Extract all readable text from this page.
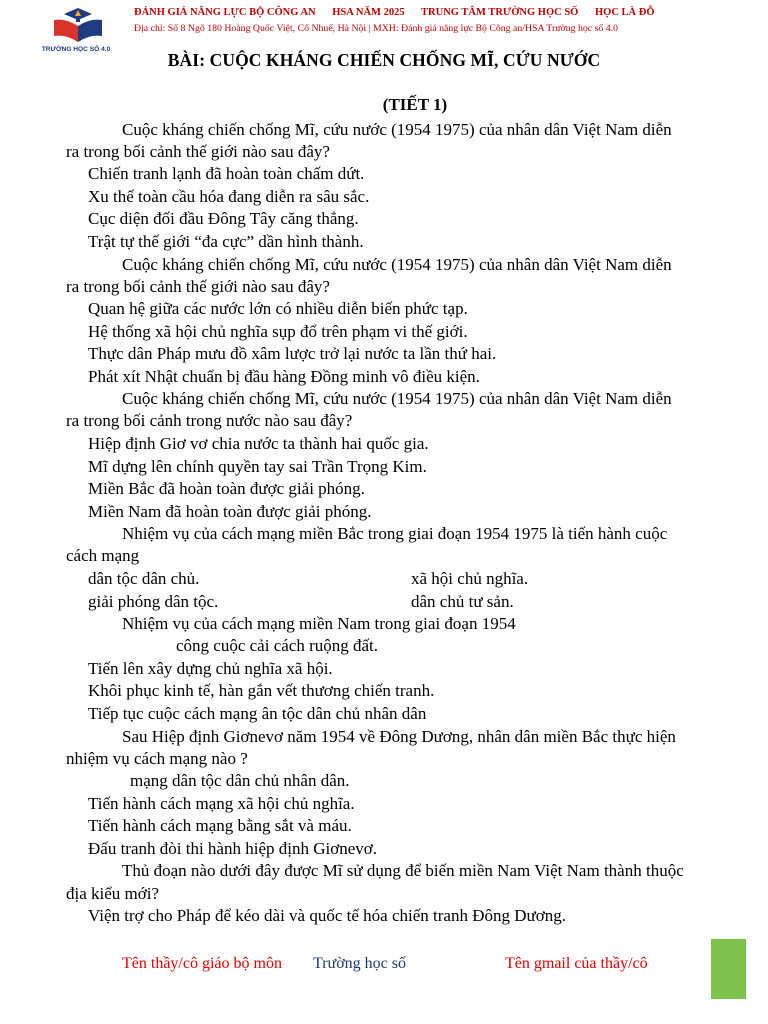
TRƯỜNG HỌC SỐ 4.0
ĐÁNH GIÁ NĂNG LỰC BỘ CÔNG AN HSA NĂM 2025 TRUNG TÂM TRƯỜNG HỌC SỐ HỌC LÀ ĐỖ
Địa chỉ: Số 8 Ngõ 180 Hoàng Quốc Việt, Cổ Nhuế, Hà Nội | MXH: Đánh giá năng lực Bộ Công an/HSA Trường học số 4.0
BÀI: CUỘC KHÁNG CHIẾN CHỐNG MĨ, CỨU NƯỚC
(TIẾT 1)
Cuộc kháng chiến chống Mĩ, cứu nước (1954 1975) của nhân dân Việt Nam diễn
ra trong bối cảnh thế giới nào sau đây?
Chiến tranh lạnh đã hoàn toàn chấm dứt.
Xu thế toàn cầu hóa đang diễn ra sâu sắc.
Cục diện đối đầu Đông Tây căng thẳng.
Trật tự thế giới “đa cực” dần hình thành.
Cuộc kháng chiến chống Mĩ, cứu nước (1954 1975) của nhân dân Việt Nam diễn
ra trong bối cảnh thế giới nào sau đây?
Quan hệ giữa các nước lớn có nhiều diễn biến phức tạp.
Hệ thống xã hội chủ nghĩa sụp đổ trên phạm vi thế giới.
Thực dân Pháp mưu đồ xâm lược trở lại nước ta lần thứ hai.
Phát xít Nhật chuẩn bị đầu hàng Đồng minh vô điều kiện.
Cuộc kháng chiến chống Mĩ, cứu nước (1954 1975) của nhân dân Việt Nam diễn
ra trong bối cảnh trong nước nào sau đây?
Hiệp định Giơ vơ chia nước ta thành hai quốc gia.
Mĩ dựng lên chính quyền tay sai Trần Trọng Kim.
Miền Bắc đã hoàn toàn được giải phóng.
Miền Nam đã hoàn toàn được giải phóng.
Nhiệm vụ của cách mạng miền Bắc trong giai đoạn 1954 1975 là tiến hành cuộc
cách mạng
dân tộc dân chủ.	xã hội chủ nghĩa.
giải phóng dân tộc.	dân chủ tư sản.
Nhiệm vụ của cách mạng miền Nam trong giai đoạn 1954
công cuộc cải cách ruộng đất.
Tiến lên xây dựng chủ nghĩa xã hội.
Khôi phục kinh tế, hàn gắn vết thương chiến tranh.
Tiếp tục cuộc cách mạng ân tộc dân chủ nhân dân
Sau Hiệp định Giơnevơ năm 1954 về Đông Dương, nhân dân miền Bắc thực hiện
nhiệm vụ cách mạng nào ?
mạng dân tộc dân chủ nhân dân.
Tiến hành cách mạng xã hội chủ nghĩa.
Tiến hành cách mạng bằng sắt và máu.
Đấu tranh đòi thi hành hiệp định Giơnevơ.
Thủ đoạn nào dưới đây được Mĩ sử dụng để biến miền Nam Việt Nam thành thuộc
địa kiểu mới?
Viện trợ cho Pháp để kéo dài và quốc tế hóa chiến tranh Đông Dương.
Tên thầy/cô giáo bộ môn Trường học số	Tên gmail của thầy/cô
